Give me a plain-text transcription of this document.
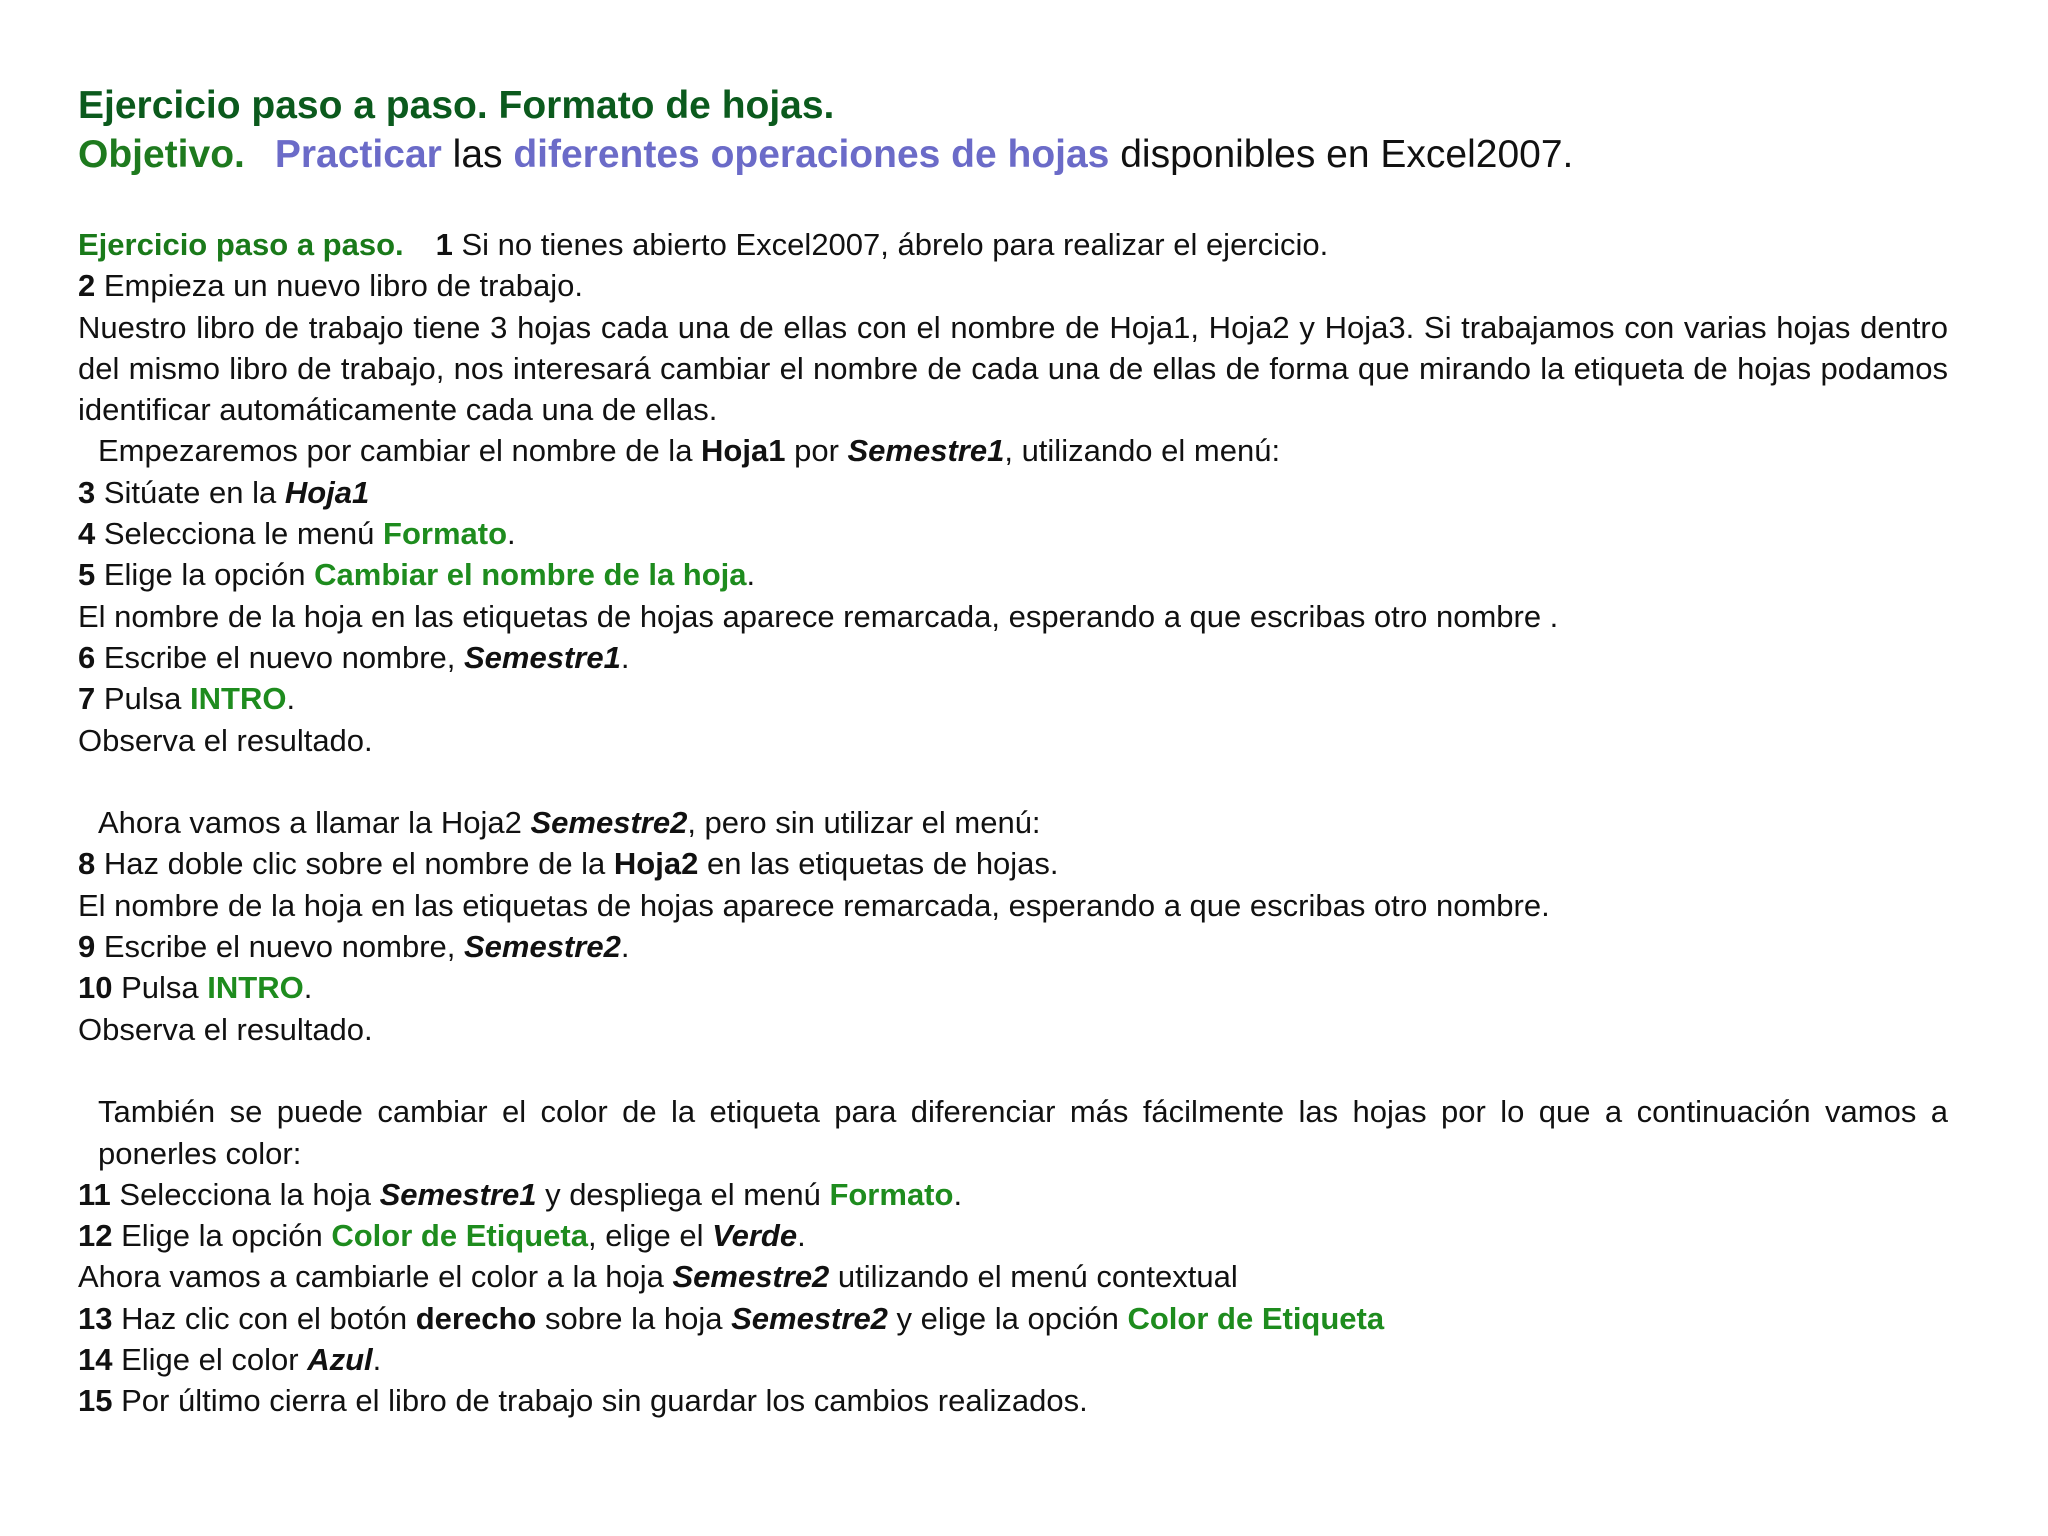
Ejercicio paso a paso. Formato de hojas.
Objetivo. Practicar las diferentes operaciones de hojas disponibles en Excel2007.
Ejercicio paso a paso. 1 Si no tienes abierto Excel2007, ábrelo para realizar el ejercicio.
2 Empieza un nuevo libro de trabajo.
Nuestro libro de trabajo tiene 3 hojas cada una de ellas con el nombre de Hoja1, Hoja2 y Hoja3. Si trabajamos con varias hojas dentro del mismo libro de trabajo, nos interesará cambiar el nombre de cada una de ellas de forma que mirando la etiqueta de hojas podamos identificar automáticamente cada una de ellas.
Empezaremos por cambiar el nombre de la Hoja1 por Semestre1, utilizando el menú:
3 Sitúate en la Hoja1
4 Selecciona le menú Formato.
5 Elige la opción Cambiar el nombre de la hoja.
El nombre de la hoja en las etiquetas de hojas aparece remarcada, esperando a que escribas otro nombre .
6 Escribe el nuevo nombre, Semestre1.
7 Pulsa INTRO.
Observa el resultado.
Ahora vamos a llamar la Hoja2 Semestre2, pero sin utilizar el menú:
8 Haz doble clic sobre el nombre de la Hoja2 en las etiquetas de hojas.
El nombre de la hoja en las etiquetas de hojas aparece remarcada, esperando a que escribas otro nombre.
9 Escribe el nuevo nombre, Semestre2.
10 Pulsa INTRO.
Observa el resultado.
También se puede cambiar el color de la etiqueta para diferenciar más fácilmente las hojas por lo que a continuación vamos a ponerles color:
11 Selecciona la hoja Semestre1 y despliega el menú Formato.
12 Elige la opción Color de Etiqueta, elige el Verde.
Ahora vamos a cambiarle el color a la hoja Semestre2 utilizando el menú contextual
13 Haz clic con el botón derecho sobre la hoja Semestre2 y elige la opción Color de Etiqueta
14 Elige el color Azul.
15 Por último cierra el libro de trabajo sin guardar los cambios realizados.
